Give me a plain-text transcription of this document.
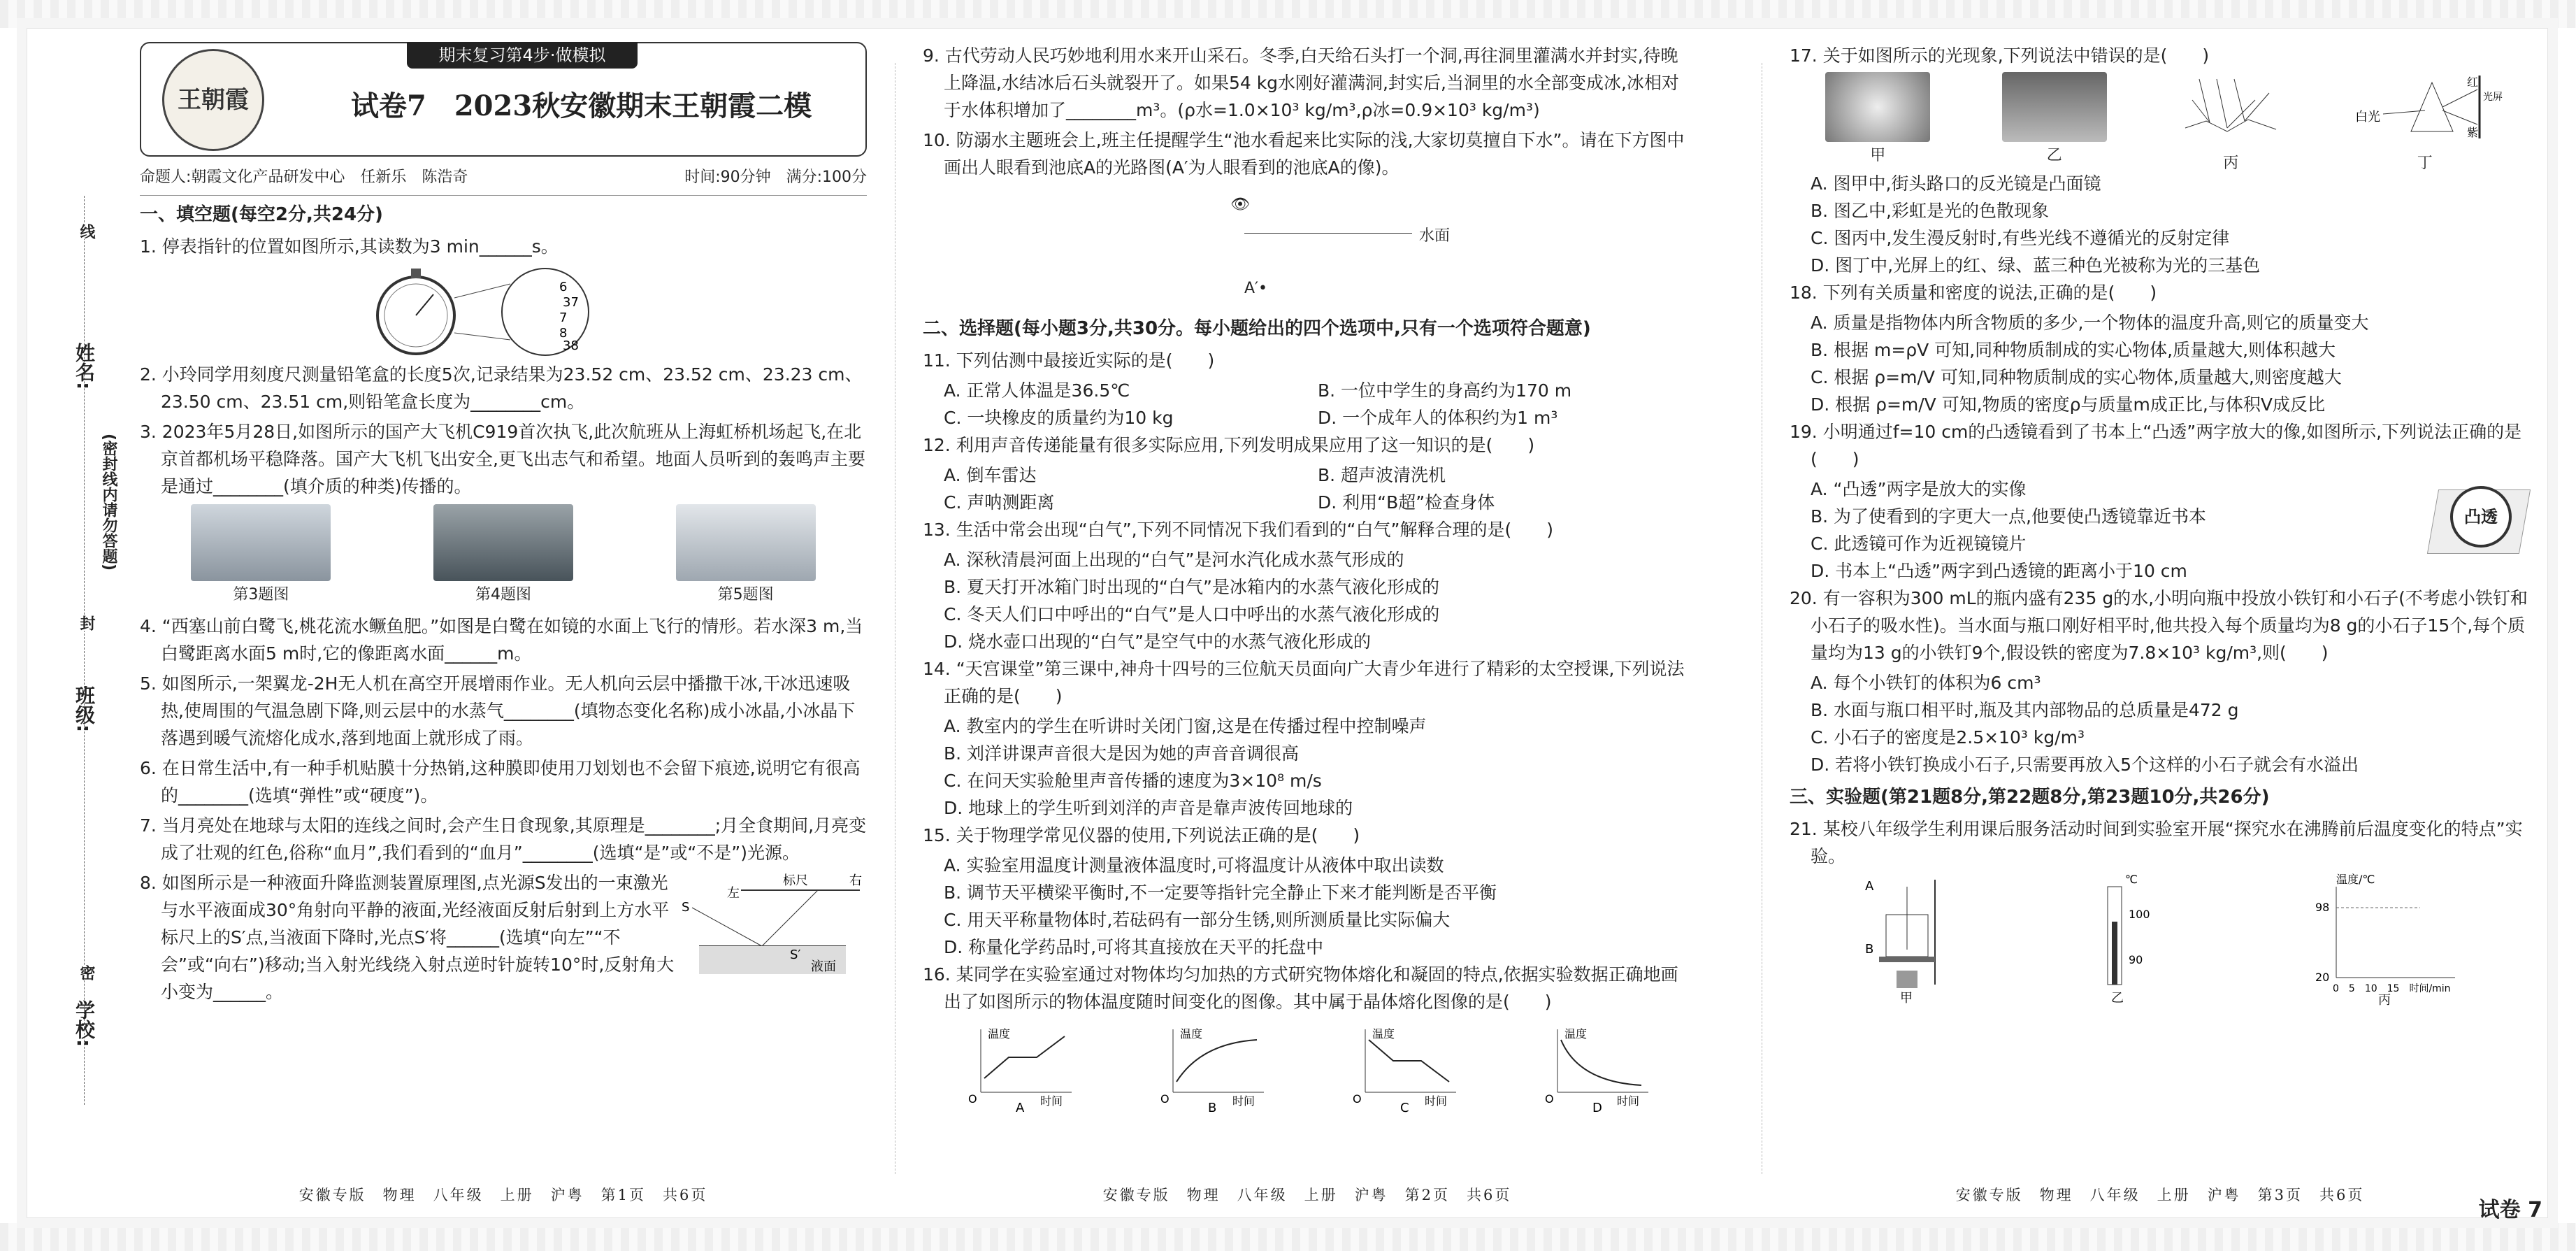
姓名:
班级:
学校:
线
封
密
(密封线内请勿答题)
期末复习第4步·做模拟
王朝霞	试卷7　2023秋安徽期末王朝霞二模
命题人:朝霞文化产品研发中心　任新乐　陈浩奇	时间:90分钟　满分:100分
一、填空题(每空2分,共24分)

1. 停表指针的位置如图所示,其读数为3 min______s。

6
37
7
8
38

2. 小玲同学用刻度尺测量铅笔盒的长度5次,记录结果为23.52 cm、23.52 cm、23.23 cm、23.50 cm、23.51 cm,则铅笔盒长度为________cm。

3. 2023年5月28日,如图所示的国产大飞机C919首次执飞,此次航班从上海虹桥机场起飞,在北京首都机场平稳降落。国产大飞机飞出安全,更飞出志气和希望。地面人员听到的轰鸣声主要是通过________(填介质的种类)传播的。

第3题图	第4题图	第5题图

4. “西塞山前白鹭飞,桃花流水鳜鱼肥。”如图是白鹭在如镜的水面上飞行的情形。若水深3 m,当白鹭距离水面5 m时,它的像距离水面______m。

5. 如图所示,一架翼龙-2H无人机在高空开展增雨作业。无人机向云层中播撒干冰,干冰迅速吸热,使周围的气温急剧下降,则云层中的水蒸气________(填物态变化名称)成小冰晶,小冰晶下落遇到暖气流熔化成水,落到地面上就形成了雨。

6. 在日常生活中,有一种手机贴膜十分热销,这种膜即使用刀划划也不会留下痕迹,说明它有很高的________(选填“弹性”或“硬度”)。

7. 当月亮处在地球与太阳的连线之间时,会产生日食现象,其原理是________;月全食期间,月亮变成了壮观的红色,俗称“血月”,我们看到的“血月”________(选填“是”或“不是”)光源。

8. 如图所示是一种液面升降监测装置原理图,点光源S发出的一束激光与水平液面成30°角射向平静的液面,光经液面反射后射到上方水平标尺上的S′点,当液面下降时,光点S′将______(选填“向左”“不会”或“向右”)移动;当入射光线绕入射点逆时针旋转10°时,反射角大小变为______。

标尺
左
右
S
S′
液面
安徽专版　物理　八年级　上册　沪粤　第1页　共6页

9. 古代劳动人民巧妙地利用水来开山采石。冬季,白天给石头打一个洞,再往洞里灌满水并封实,待晚上降温,水结冰后石头就裂开了。如果54 kg水刚好灌满洞,封实后,当洞里的水全部变成冰,冰相对于水体积增加了________m³。(ρ水=1.0×10³ kg/m³,ρ冰=0.9×10³ kg/m³)

10. 防溺水主题班会上,班主任提醒学生“池水看起来比实际的浅,大家切莫擅自下水”。请在下方图中画出人眼看到池底A的光路图(A′为人眼看到的池底A的像)。

👁
水面
A′•
二、选择题(每小题3分,共30分。每小题给出的四个选项中,只有一个选项符合题意)

11. 下列估测中最接近实际的是(　　)

A. 正常人体温是36.5℃	B. 一位中学生的身高约为170 m
C. 一块橡皮的质量约为10 kg	D. 一个成年人的体积约为1 m³

12. 利用声音传递能量有很多实际应用,下列发明成果应用了这一知识的是(　　)

A. 倒车雷达	B. 超声波清洗机
C. 声呐测距离	D. 利用“B超”检查身体

13. 生活中常会出现“白气”,下列不同情况下我们看到的“白气”解释合理的是(　　)

A. 深秋清晨河面上出现的“白气”是河水汽化成水蒸气形成的

B. 夏天打开冰箱门时出现的“白气”是冰箱内的水蒸气液化形成的

C. 冬天人们口中呼出的“白气”是人口中呼出的水蒸气液化形成的

D. 烧水壶口出现的“白气”是空气中的水蒸气液化形成的

14. “天宫课堂”第三课中,神舟十四号的三位航天员面向广大青少年进行了精彩的太空授课,下列说法正确的是(　　)

A. 教室内的学生在听讲时关闭门窗,这是在传播过程中控制噪声

B. 刘洋讲课声音很大是因为她的声音音调很高

C. 在问天实验舱里声音传播的速度为3×10⁸ m/s

D. 地球上的学生听到刘洋的声音是靠声波传回地球的

15. 关于物理学常见仪器的使用,下列说法正确的是(　　)

A. 实验室用温度计测量液体温度时,可将温度计从液体中取出读数

B. 调节天平横梁平衡时,不一定要等指针完全静止下来才能判断是否平衡

C. 用天平称量物体时,若砝码有一部分生锈,则所测质量比实际偏大

D. 称量化学药品时,可将其直接放在天平的托盘中

16. 某同学在实验室通过对物体均匀加热的方式研究物体熔化和凝固的特点,依据实验数据正确地画出了如图所示的物体温度随时间变化的图像。其中属于晶体熔化图像的是(　　)

温度
时间
O
A
温度
时间
O
B
温度
时间
O
C
温度
时间
O
D
安徽专版　物理　八年级　上册　沪粤　第2页　共6页

17. 关于如图所示的光现象,下列说法中错误的是(　　)

甲	乙	丙
白光
红
紫
光屏
丁

A. 图甲中,街头路口的反光镜是凸面镜

B. 图乙中,彩虹是光的色散现象

C. 图丙中,发生漫反射时,有些光线不遵循光的反射定律

D. 图丁中,光屏上的红、绿、蓝三种色光被称为光的三基色

18. 下列有关质量和密度的说法,正确的是(　　)

A. 质量是指物体内所含物质的多少,一个物体的温度升高,则它的质量变大

B. 根据 m=ρV 可知,同种物质制成的实心物体,质量越大,则体积越大

C. 根据 ρ=m/V 可知,同种物质制成的实心物体,质量越大,则密度越大

D. 根据 ρ=m/V 可知,物质的密度ρ与质量m成正比,与体积V成反比

19. 小明通过f=10 cm的凸透镜看到了书本上“凸透”两字放大的像,如图所示,下列说法正确的是(　　)

A. “凸透”两字是放大的实像

B. 为了使看到的字更大一点,他要使凸透镜靠近书本

C. 此透镜可作为近视镜镜片

D. 书本上“凸透”两字到凸透镜的距离小于10 cm

凸透

20. 有一容积为300 mL的瓶内盛有235 g的水,小明向瓶中投放小铁钉和小石子(不考虑小铁钉和小石子的吸水性)。当水面与瓶口刚好相平时,他共投入每个质量均为8 g的小石子15个,每个质量均为13 g的小铁钉9个,假设铁的密度为7.8×10³ kg/m³,则(　　)

A. 每个小铁钉的体积为6 cm³

B. 水面与瓶口相平时,瓶及其内部物品的总质量是472 g

C. 小石子的密度是2.5×10³ kg/m³

D. 若将小铁钉换成小石子,只需要再放入5个这样的小石子就会有水溢出

三、实验题(第21题8分,第22题8分,第23题10分,共26分)

21. 某校八年级学生利用课后服务活动时间到实验室开展“探究水在沸腾前后温度变化的特点”实验。

A
B
甲
℃
100
90
乙
温度/℃
98
20
0　5　10　15　时间/min
丙
安徽专版　物理　八年级　上册　沪粤　第3页　共6页
试卷 7
